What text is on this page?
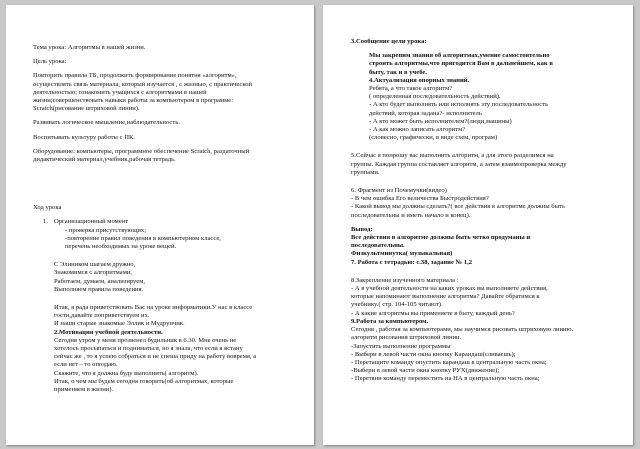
Тема урока: Алгоритмы в нашей жизни.

Цель урока:

Повторить правила ТБ, продолжить формирование понятия «алгоритм»,
осуществлять связь материала, который изучается , с жизнью, с практической
деятельностью; ознакомить учащихся с алгоритмами в нашей
жизни;совершенствовать навыки работы за компьютером в программе:
Scratch(рисование штриховой линии).

Развивать логическое мышление,наблюдательность.

Воспитывать культуру работы с ПК.

Оборудование: компьютеры, программное обеспечение Scratch, раздаточный
дидактический материал,учебник,рабочая тетрадь.

Ход урока

1. Организационный момент

- проверка присутствующих;
-повторение правил поведения в компьютерном классе,
перечень необходимых на уроке вещей.

С Элиником шагаем дружно,
Знакомимся с алгоритмами,
Работаем, думаем, анализируем,
Выполняем правила поведения.

Итак, я рада приветствовать Вас на уроке информатики.У нас в классе
гости,давайте поприветствуем их.
И наши старые знакомые Эллик и Мудрунчик.

2.Мотивация учебной деятельности.

Сегодня утром у меня прозвенел будильник в 6.30. Мне очень не
хотелось просыпаться и подниматься, но я знала, что если я встану
сейчас же , то я успею собраться и не спеша приду на работу вовремя, а
если нет – то опоздаю.
Скажите, что я должна буду выполнить( алгоритм).
Итак, о чем мы будем сегодня говорить(об алгоритмах, которые
применяем в жизни).

3.Сообщение цели урока:

Мы закрепим знания об алгоритмах,умение самостоятельно
строить алгоритмы,что пригодится Вам в дальнейшем, как в
быту, так и в учебе.

4.Актуализация опорных знаний.

Ребята, а что такое алгоритм?
( определенная последовательность действий).
- А кто будет выполнять или исполнять эту последовательность
действий, которая задана?- исполнитель
- А кто может быть исполнителем?(люди,машины)
- А как можно записать алгоритм?
(словесно, графически, в виде схем, програм)

5.Сейчас я попрошу вас выполнить алгоритм, а для этого разделимся на
группы. Каждая группа составляет алгоритм, а затем взаимопроверка между
группами.

6. Фрагмент из Почемучки(видео)
- В чем ошибка Его величества Быстродействия?
- Какой вывод мы должны сделать?( все действия в алгоритме должны быть
последовательны и иметь начало и конец).

Вывод:

Все действия в алгоритме должны быть четко продуманы и
последовательны.

Физкультминутка( музыкальная)

7. Работа с тетрадью: с.38, задание № 1,2

8.Закрепление изученного материала :
- А в учебной деятельности на каких уроках вы выполняете действия,
которые напоминают выполнение алгоритма? Давайте обратимся к
учебнику.( стр. 104-105 читают).
- А какие алгоритмы вы применяете в быту, каждый день?

9.Работа за компьютером.

Сегодня , работая за компьютерами, мы научимся рисовать штриховую линию.
алгоритм рисования штриховой линии.
-Запустить выполнение программы
- Выбери в левой части окна кнопку Карандаш(сливаешь);
- Перетащите команду опустить карандаш в центральную часть окна;
-Выбери в левой части окна кнопку РУХ(движение);
- Перетяни команду переместить на НА в центральную часть окна;
